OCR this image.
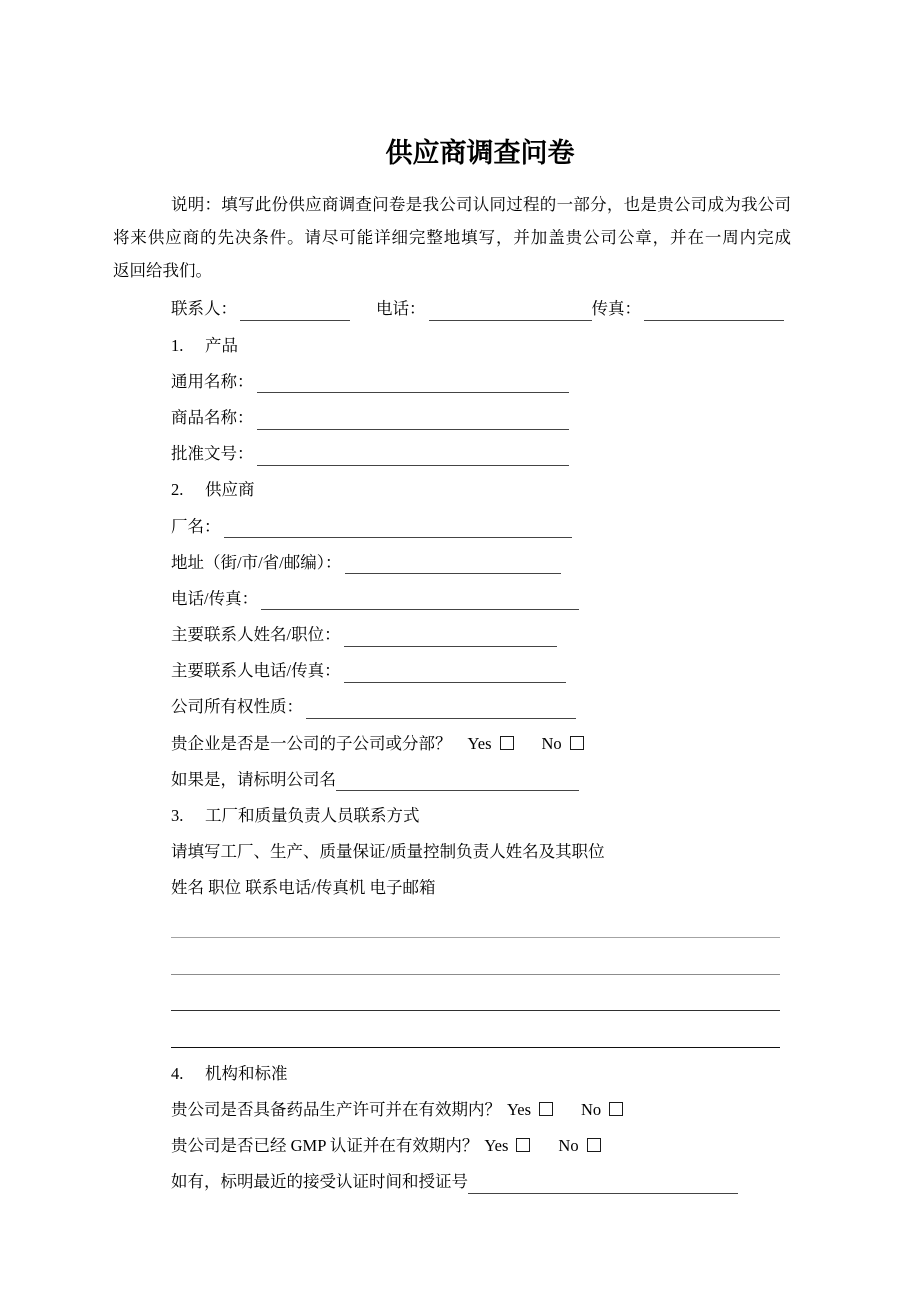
供应商调查问卷
说明：填写此份供应商调查问卷是我公司认同过程的一部分，也是贵公司成为我公司
将来供应商的先决条件。请尽可能详细完整地填写，并加盖贵公司公章，并在一周内完成
返回给我们。
联系人：	电话：	传真：
1.	产品
通用名称：
商品名称：
批准文号：
2.	供应商
厂名：
地址（街/市/省/邮编）：
电话/传真：
主要联系人姓名/职位：
主要联系人电话/传真：
公司所有权性质：
贵企业是否是一公司的子公司或分部？ Yes	No
如果是，请标明公司名
3.	工厂和质量负责人员联系方式
请填写工厂、生产、质量保证/质量控制负责人姓名及其职位
姓名 职位 联系电话/传真机 电子邮箱
4.	机构和标准
贵公司是否具备药品生产许可并在有效期内？ Yes	No
贵公司是否已经 GMP 认证并在有效期内？ Yes	No
如有，标明最近的接受认证时间和授证号
